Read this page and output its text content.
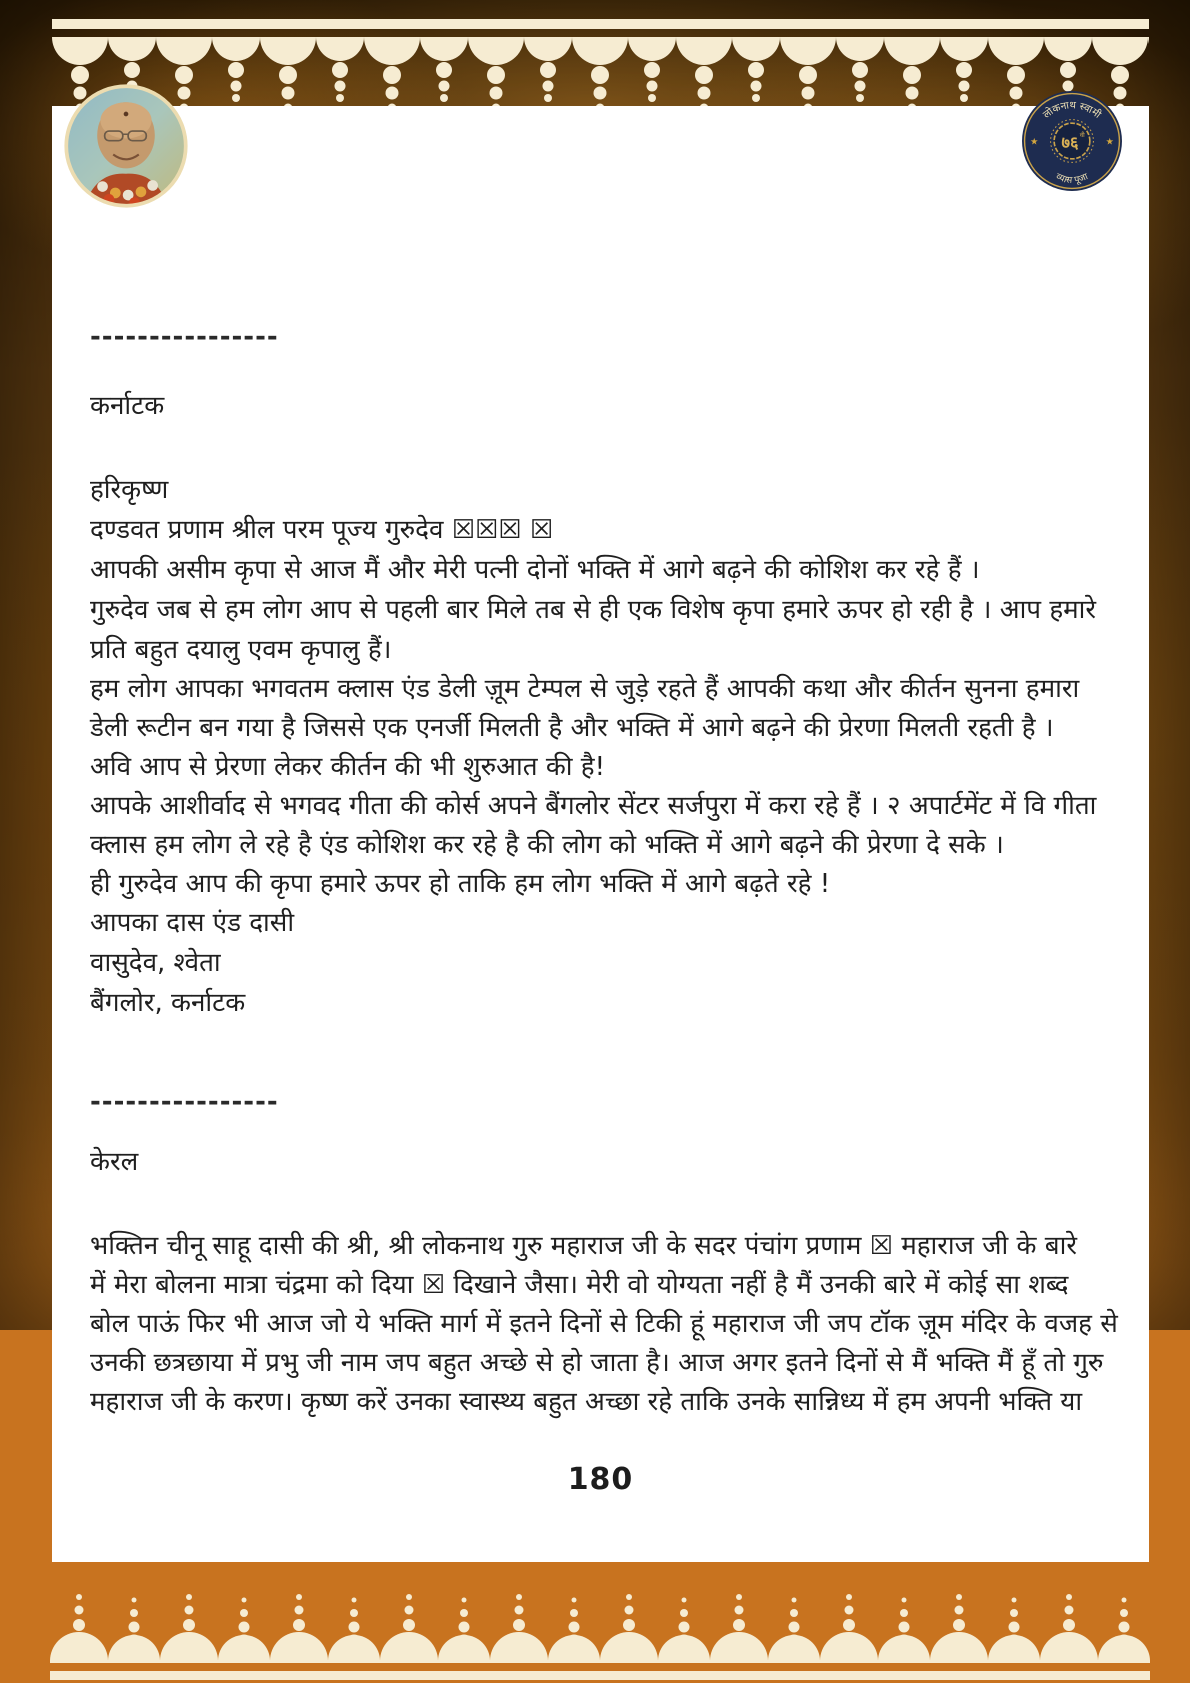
लोकनाथ स्वामी
व्यास पूजा
★	★
७६ वी
----------------
कर्नाटक
हरिकृष्ण
दण्डवत प्रणाम श्रील परम पूज्य गुरुदेव ☒☒☒ ☒
आपकी असीम कृपा से आज मैं और मेरी पत्नी दोनों भक्ति में आगे बढ़ने की कोशिश कर रहे हैं ।
गुरुदेव जब से हम लोग आप से पहली बार मिले तब से ही एक विशेष कृपा हमारे ऊपर हो रही है । आप हमारे
प्रति बहुत दयालु एवम कृपालु हैं।
हम लोग आपका भगवतम क्लास एंड डेली ज़ूम टेम्पल से जुड़े रहते हैं आपकी कथा और कीर्तन सुनना हमारा
डेली रूटीन बन गया है जिससे एक एनर्जी मिलती है और भक्ति में आगे बढ़ने की प्रेरणा मिलती रहती है ।
अवि आप से प्रेरणा लेकर कीर्तन की भी शुरुआत की है!
आपके आशीर्वाद से भगवद गीता की कोर्स अपने बैंगलोर सेंटर सर्जपुरा में करा रहे हैं । २ अपार्टमेंट में वि गीता
क्लास हम लोग ले रहे है एंड कोशिश कर रहे है की लोग को भक्ति में आगे बढ़ने की प्रेरणा दे सके ।
ही गुरुदेव आप की कृपा हमारे ऊपर हो ताकि हम लोग भक्ति में आगे बढ़ते रहे !
आपका दास एंड दासी
वासुदेव, श्वेता
बैंगलोर, कर्नाटक
----------------
केरल
भक्तिन चीनू साहू दासी की श्री, श्री लोकनाथ गुरु महाराज जी के सदर पंचांग प्रणाम ☒ महाराज जी के बारे
में मेरा बोलना मात्रा चंद्रमा को दिया ☒ दिखाने जैसा। मेरी वो योग्यता नहीं है मैं उनकी बारे में कोई सा शब्द
बोल पाऊं फिर भी आज जो ये भक्ति मार्ग में इतने दिनों से टिकी हूं महाराज जी जप टॉक ज़ूम मंदिर के वजह से
उनकी छत्रछाया में प्रभु जी नाम जप बहुत अच्छे से हो जाता है। आज अगर इतने दिनों से मैं भक्ति मैं हूँ तो गुरु
महाराज जी के करण। कृष्ण करें उनका स्वास्थ्य बहुत अच्छा रहे ताकि उनके सान्निध्य में हम अपनी भक्ति या
180
